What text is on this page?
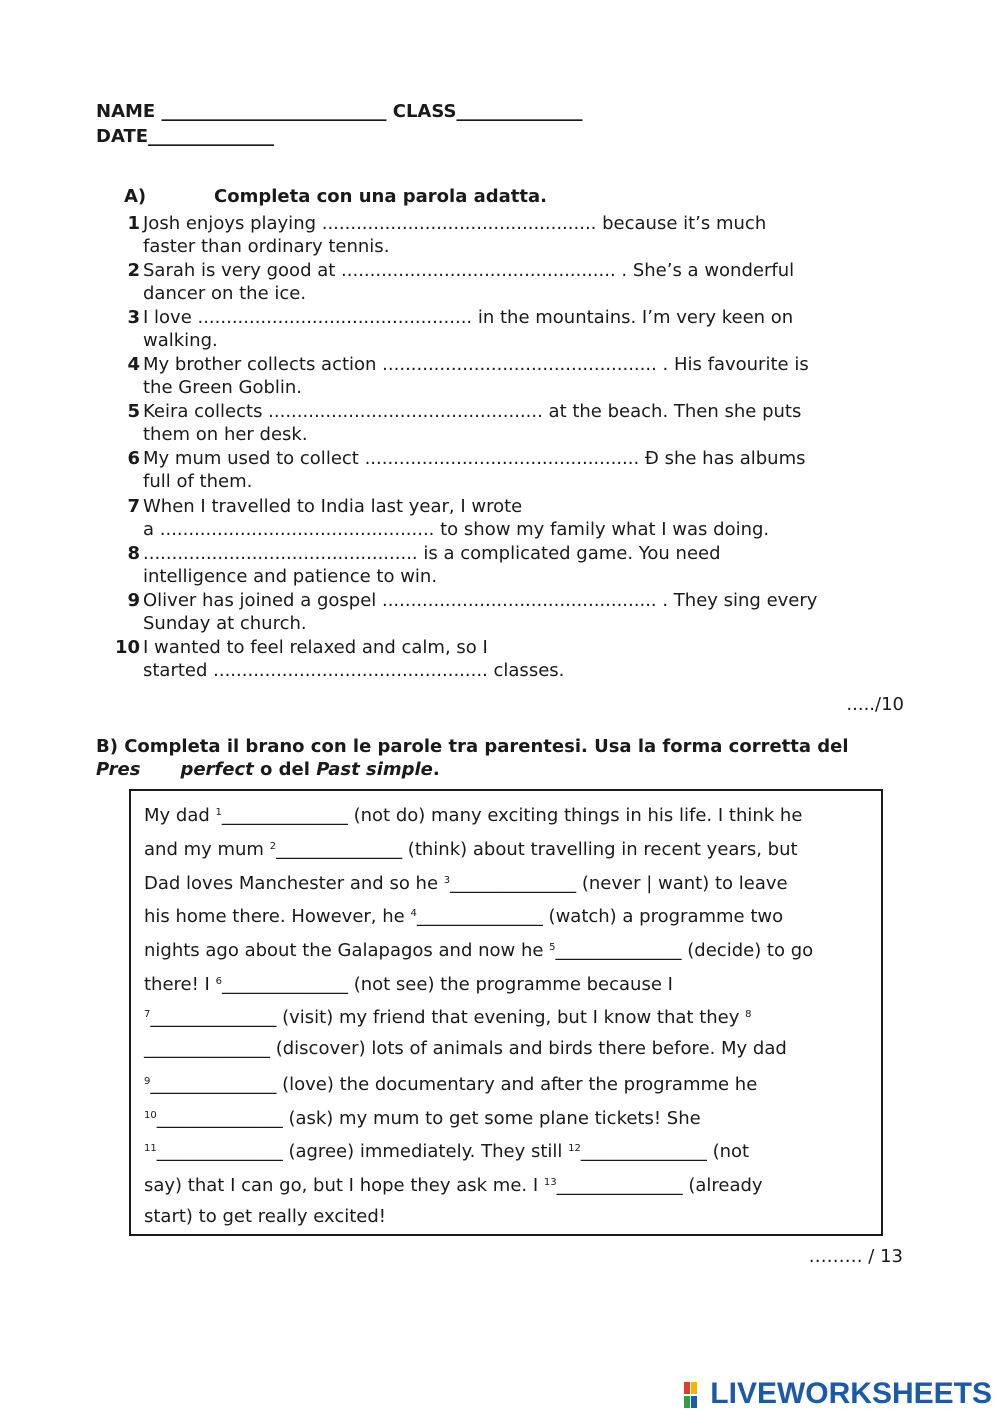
NAME _________________________ CLASS______________
DATE______________
A)	Completa con una parola adatta.
1 Josh enjoys playing ................................................ because it’s much
faster than ordinary tennis.
2 Sarah is very good at ................................................ . She’s a wonderful
dancer on the ice.
3 I love ................................................ in the mountains. I’m very keen on
walking.
4 My brother collects action ................................................ . His favourite is
the Green Goblin.
5 Keira collects ................................................ at the beach. Then she puts
them on her desk.
6 My mum used to collect ................................................ Ð she has albums
full of them.
7 When I travelled to India last year, I wrote
a ................................................ to show my family what I was doing.
8 ................................................ is a complicated game. You need
intelligence and patience to win.
9 Oliver has joined a gospel ................................................ . They sing every
Sunday at church.
10 I wanted to feel relaxed and calm, so I
started ................................................ classes.
...../10
B) Completa il brano con le parole tra parentesi. Usa la forma corretta del
Pres perfect o del Past simple.
My dad $^1$______________ (not do) many exciting things in his life. I think he
and my mum $^2$______________ (think) about travelling in recent years, but
Dad loves Manchester and so he $^3$______________ (never | want) to leave
his home there. However, he $^4$______________ (watch) a programme two
nights ago about the Galapagos and now he $^5$______________ (decide) to go
there! I $^6$______________ (not see) the programme because I
$^7$______________ (visit) my friend that evening, but I know that they $^8$
______________ (discover) lots of animals and birds there before. My dad
$^9$______________ (love) the documentary and after the programme he
$^{10}$______________ (ask) my mum to get some plane tickets! She
$^{11}$______________ (agree) immediately. They still $^{12}$______________ (not
say) that I can go, but I hope they ask me. I $^{13}$______________ (already
start) to get really excited!
……… / 13
LIVEWORKSHEETS
